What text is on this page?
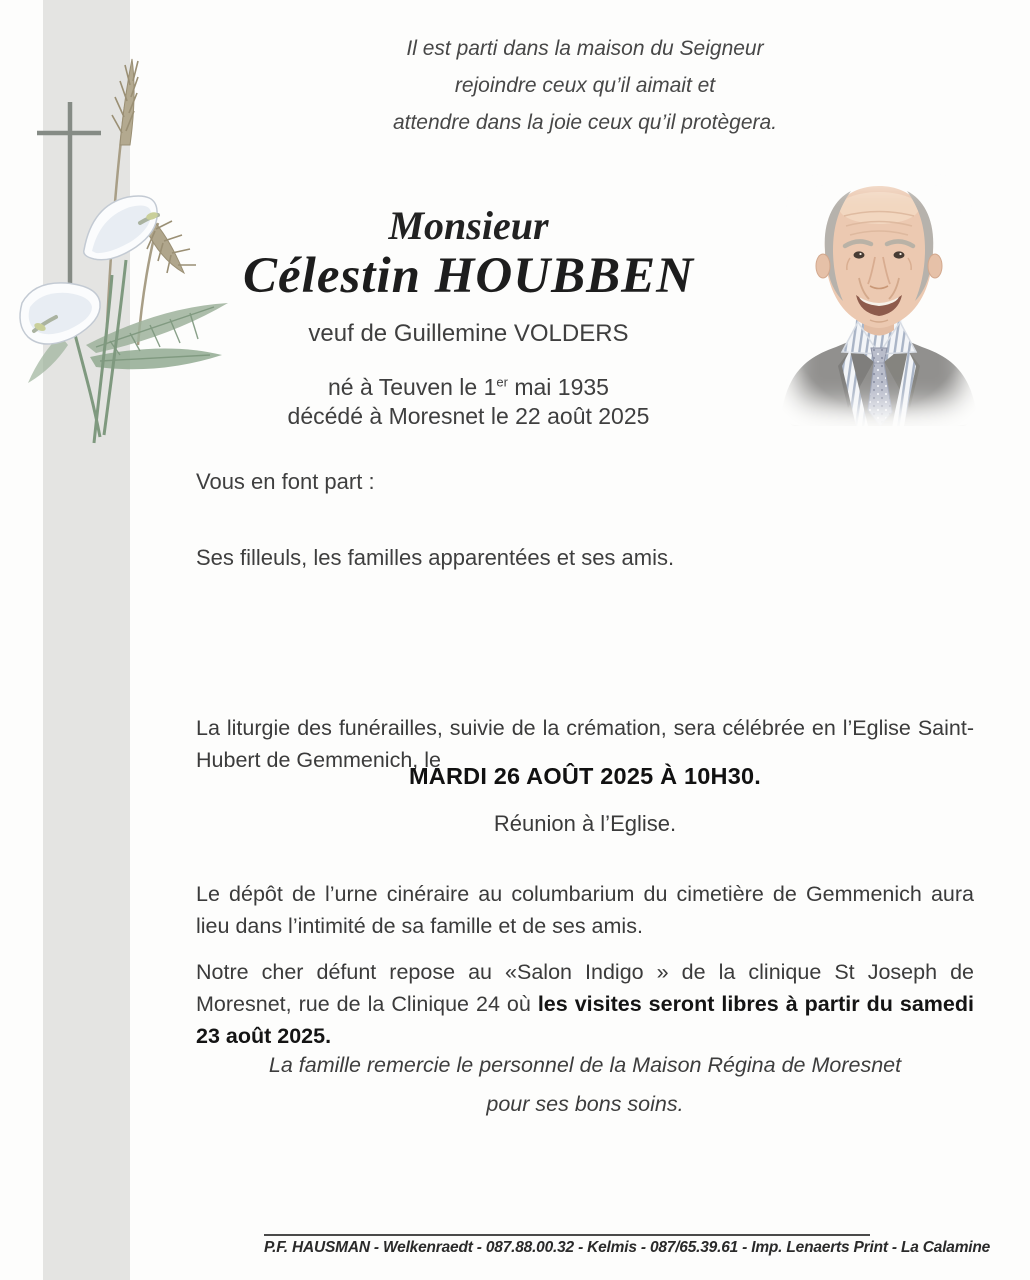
Il est parti dans la maison du Seigneur
rejoindre ceux qu’il aimait et
attendre dans la joie ceux qu’il protègera.
Monsieur
Célestin HOUBBEN
veuf de Guillemine VOLDERS
né à Teuven le 1er mai 1935
décédé à Moresnet le 22 août 2025
Vous en font part :
Ses filleuls, les familles apparentées et ses amis.

La liturgie des funérailles, suivie de la crémation, sera célébrée en l’Eglise Saint-Hubert de Gemmenich, le

MARDI 26 AOÛT 2025 À 10H30.
Réunion à l’Eglise.

Le dépôt de l’urne cinéraire au columbarium du cimetière de Gemmenich aura lieu dans l’intimité de sa famille et de ses amis.

Notre cher défunt repose au «Salon Indigo » de la clinique St Joseph de Moresnet, rue de la Clinique 24 où les visites seront libres à partir du samedi 23 août 2025.

La famille remercie le personnel de la Maison Régina de Moresnet
pour ses bons soins.
P.F. HAUSMAN - Welkenraedt - 087.88.00.32 - Kelmis - 087/65.39.61 - Imp. Lenaerts Print - La Calamine
